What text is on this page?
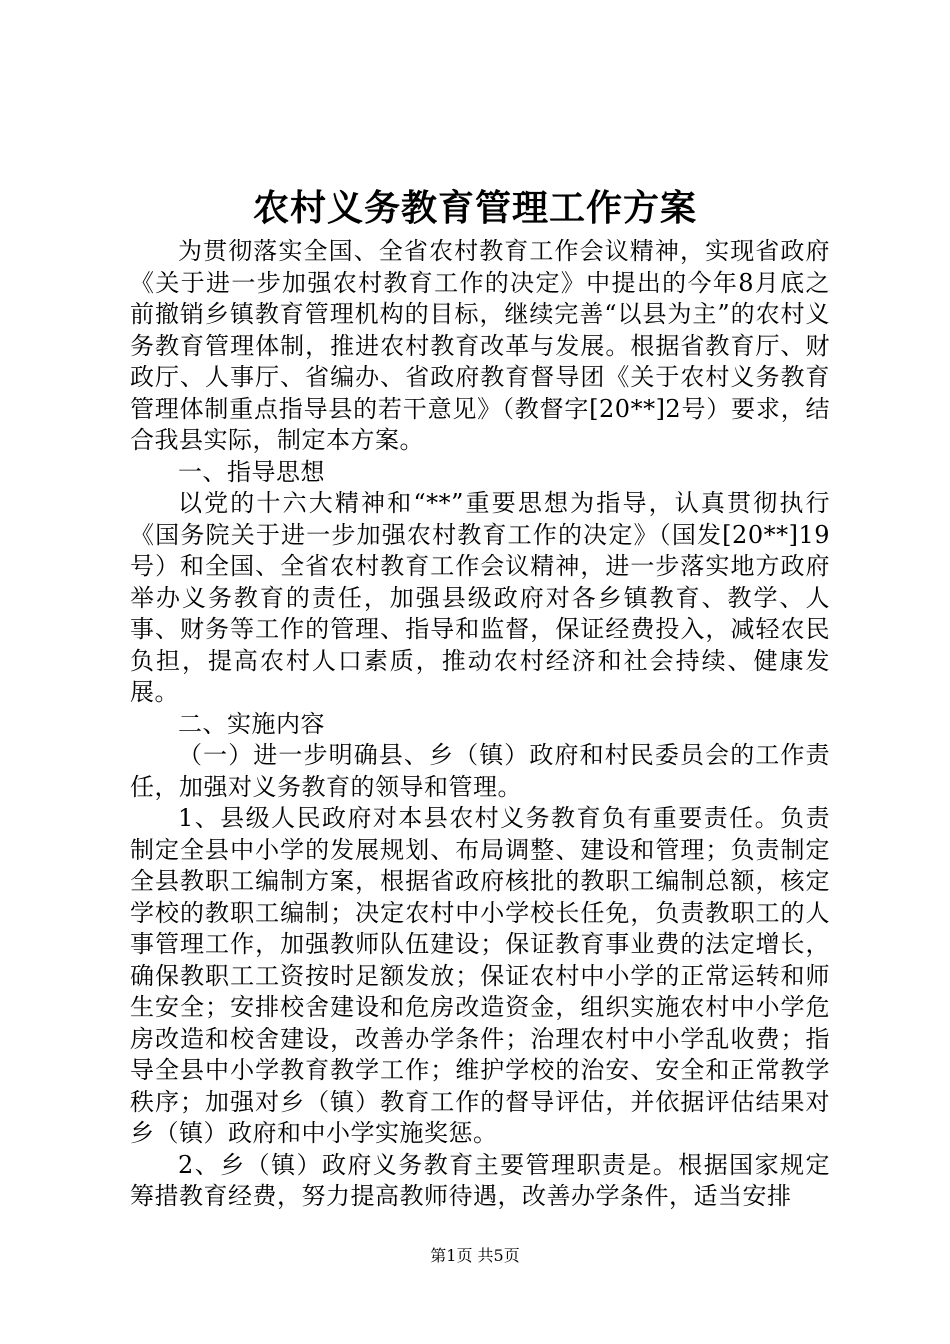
农村义务教育管理工作方案

为贯彻落实全国、全省农村教育工作会议精神，实现省政府《关于进一步加强农村教育工作的决定》中提出的今年8月底之前撤销乡镇教育管理机构的目标，继续完善“以县为主”的农村义务教育管理体制，推进农村教育改革与发展。根据省教育厅、财政厅、人事厅、省编办、省政府教育督导团《关于农村义务教育管理体制重点指导县的若干意见》（教督字[20**]2号）要求，结合我县实际，制定本方案。

一、指导思想

以党的十六大精神和“**”重要思想为指导，认真贯彻执行《国务院关于进一步加强农村教育工作的决定》（国发[20**]19号）和全国、全省农村教育工作会议精神，进一步落实地方政府举办义务教育的责任，加强县级政府对各乡镇教育、教学、人事、财务等工作的管理、指导和监督，保证经费投入，减轻农民负担，提高农村人口素质，推动农村经济和社会持续、健康发展。

二、实施内容

（一）进一步明确县、乡（镇）政府和村民委员会的工作责任，加强对义务教育的领导和管理。

1、县级人民政府对本县农村义务教育负有重要责任。负责制定全县中小学的发展规划、布局调整、建设和管理；负责制定全县教职工编制方案，根据省政府核批的教职工编制总额，核定学校的教职工编制；决定农村中小学校长任免，负责教职工的人事管理工作，加强教师队伍建设；保证教育事业费的法定增长，确保教职工工资按时足额发放；保证农村中小学的正常运转和师生安全；安排校舍建设和危房改造资金，组织实施农村中小学危房改造和校舍建设，改善办学条件；治理农村中小学乱收费；指导全县中小学教育教学工作；维护学校的治安、安全和正常教学秩序；加强对乡（镇）教育工作的督导评估，并依据评估结果对乡（镇）政府和中小学实施奖惩。

2、乡（镇）政府义务教育主要管理职责是。根据国家规定筹措教育经费，努力提高教师待遇，改善办学条件，适当安排

第1页 共5页
